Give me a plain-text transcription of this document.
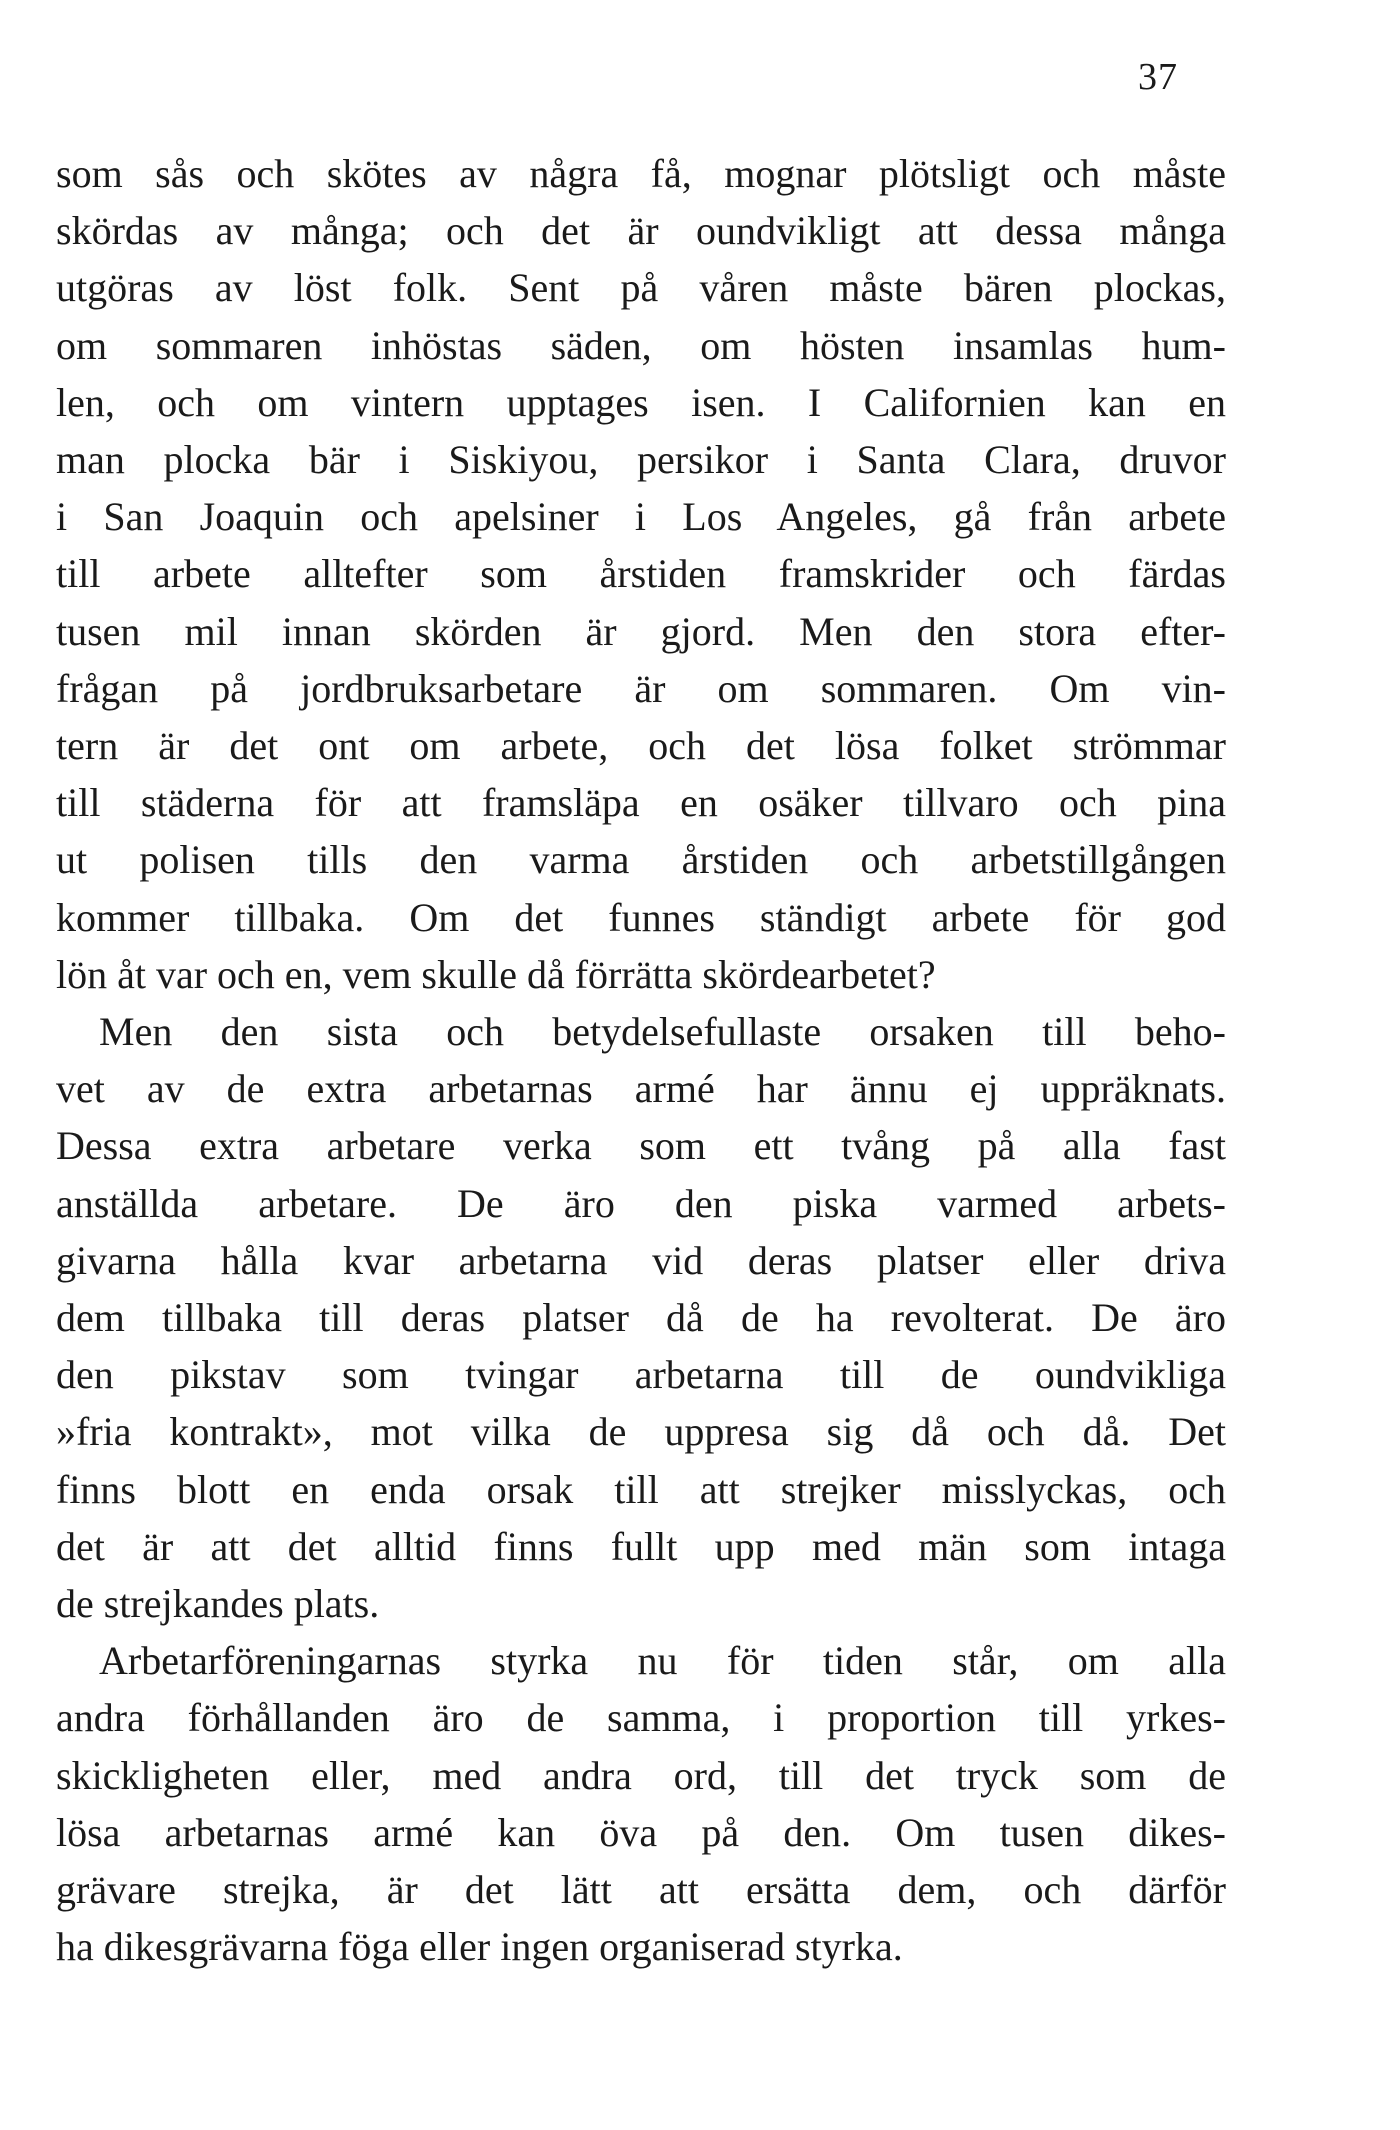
37
som sås och skötes av några få, mognar plötsligt och måste
skördas av många; och det är oundvikligt att dessa många
utgöras av löst folk. Sent på våren måste bären plockas,
om sommaren inhöstas säden, om hösten insamlas hum-
len, och om vintern upptages isen. I Californien kan en
man plocka bär i Siskiyou, persikor i Santa Clara, druvor
i San Joaquin och apelsiner i Los Angeles, gå från arbete
till arbete alltefter som årstiden framskrider och färdas
tusen mil innan skörden är gjord. Men den stora efter-
frågan på jordbruksarbetare är om sommaren. Om vin-
tern är det ont om arbete, och det lösa folket strömmar
till städerna för att framsläpa en osäker tillvaro och pina
ut polisen tills den varma årstiden och arbetstillgången
kommer tillbaka. Om det funnes ständigt arbete för god
lön åt var och en, vem skulle då förrätta skördearbetet?
Men den sista och betydelsefullaste orsaken till beho-
vet av de extra arbetarnas armé har ännu ej uppräknats.
Dessa extra arbetare verka som ett tvång på alla fast
anställda arbetare. De äro den piska varmed arbets-
givarna hålla kvar arbetarna vid deras platser eller driva
dem tillbaka till deras platser då de ha revolterat. De äro
den pikstav som tvingar arbetarna till de oundvikliga
»fria kontrakt», mot vilka de uppresa sig då och då. Det
finns blott en enda orsak till att strejker misslyckas, och
det är att det alltid finns fullt upp med män som intaga
de strejkandes plats.
Arbetarföreningarnas styrka nu för tiden står, om alla
andra förhållanden äro de samma, i proportion till yrkes-
skickligheten eller, med andra ord, till det tryck som de
lösa arbetarnas armé kan öva på den. Om tusen dikes-
grävare strejka, är det lätt att ersätta dem, och därför
ha dikesgrävarna föga eller ingen organiserad styrka.
